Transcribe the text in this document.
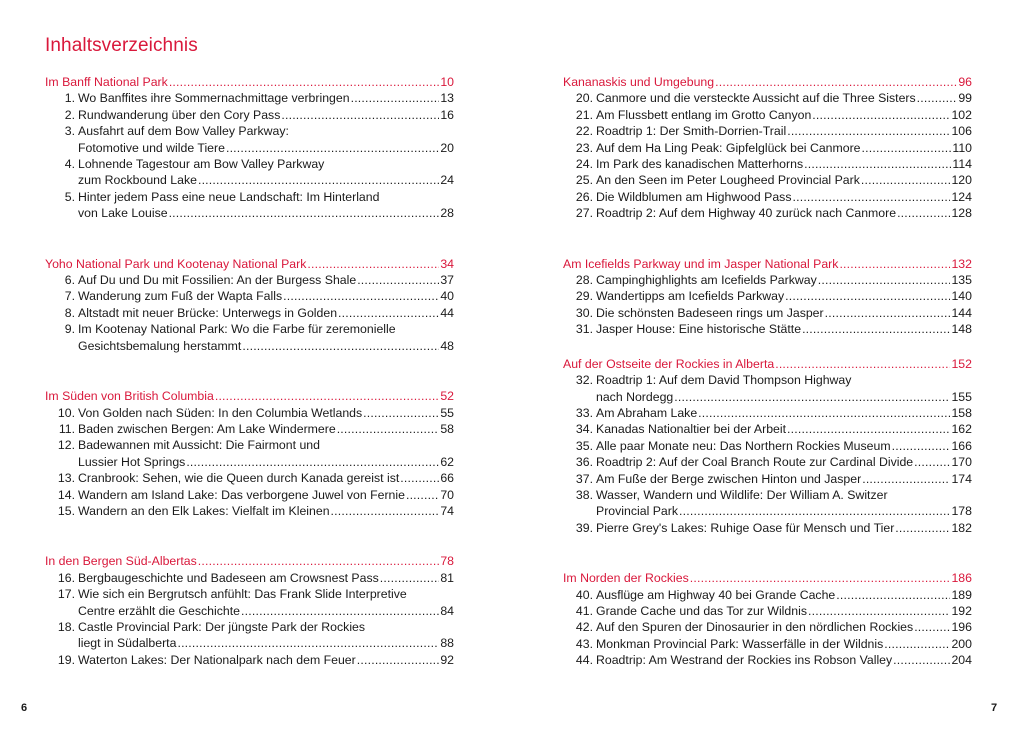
Inhaltsverzeichnis
Im Banff National Park .....	10
1. Wo Banffites ihre Sommernachmittage verbringen .....	13
2. Rundwanderung über den Cory Pass .....	16
3. Ausfahrt auf dem Bow Valley Parkway:
Fotomotive und wilde Tiere .....	20
4. Lohnende Tagestour am Bow Valley Parkway
zum Rockbound Lake .....	24
5. Hinter jedem Pass eine neue Landschaft: Im Hinterland
von Lake Louise .....	28
Yoho National Park und Kootenay National Park .....	34
6. Auf Du und Du mit Fossilien: An der Burgess Shale .....	37
7. Wanderung zum Fuß der Wapta Falls .....	40
8. Altstadt mit neuer Brücke: Unterwegs in Golden .....	44
9. Im Kootenay National Park: Wo die Farbe für zeremonielle
Gesichtsbemalung herstammt .....	48
Im Süden von British Columbia .....	52
10. Von Golden nach Süden: In den Columbia Wetlands .....	55
11. Baden zwischen Bergen: Am Lake Windermere .....	58
12. Badewannen mit Aussicht: Die Fairmont und
Lussier Hot Springs .....	62
13. Cranbrook: Sehen, wie die Queen durch Kanada gereist ist .....	66
14. Wandern am Island Lake: Das verborgene Juwel von Fernie .....	70
15. Wandern an den Elk Lakes: Vielfalt im Kleinen .....	74
In den Bergen Süd-Albertas .....	78
16. Bergbaugeschichte und Badeseen am Crowsnest Pass .....	81
17. Wie sich ein Bergrutsch anfühlt: Das Frank Slide Interpretive
Centre erzählt die Geschichte .....	84
18. Castle Provincial Park: Der jüngste Park der Rockies
liegt in Südalberta .....	88
19. Waterton Lakes: Der Nationalpark nach dem Feuer .....	92
Kananaskis und Umgebung .....	96
20. Canmore und die versteckte Aussicht auf die Three Sisters .....	99
21. Am Flussbett entlang im Grotto Canyon .....	102
22. Roadtrip 1: Der Smith-Dorrien-Trail .....	106
23. Auf dem Ha Ling Peak: Gipfelglück bei Canmore .....	110
24. Im Park des kanadischen Matterhorns .....	114
25. An den Seen im Peter Lougheed Provincial Park .....	120
26. Die Wildblumen am Highwood Pass .....	124
27. Roadtrip 2: Auf dem Highway 40 zurück nach Canmore .....	128
Am Icefields Parkway und im Jasper National Park .....	132
28. Campinghighlights am Icefields Parkway .....	135
29. Wandertipps am Icefields Parkway .....	140
30. Die schönsten Badeseen rings um Jasper .....	144
31. Jasper House: Eine historische Stätte .....	148
Auf der Ostseite der Rockies in Alberta .....	152
32. Roadtrip 1: Auf dem David Thompson Highway
nach Nordegg .....	155
33. Am Abraham Lake .....	158
34. Kanadas Nationaltier bei der Arbeit .....	162
35. Alle paar Monate neu: Das Northern Rockies Museum .....	166
36. Roadtrip 2: Auf der Coal Branch Route zur Cardinal Divide .....	170
37. Am Fuße der Berge zwischen Hinton und Jasper .....	174
38. Wasser, Wandern und Wildlife: Der William A. Switzer
Provincial Park .....	178
39. Pierre Grey's Lakes: Ruhige Oase für Mensch und Tier .....	182
Im Norden der Rockies .....	186
40. Ausflüge am Highway 40 bei Grande Cache .....	189
41. Grande Cache und das Tor zur Wildnis .....	192
42. Auf den Spuren der Dinosaurier in den nördlichen Rockies .....	196
43. Monkman Provincial Park: Wasserfälle in der Wildnis .....	200
44. Roadtrip: Am Westrand der Rockies ins Robson Valley .....	204
6	7
